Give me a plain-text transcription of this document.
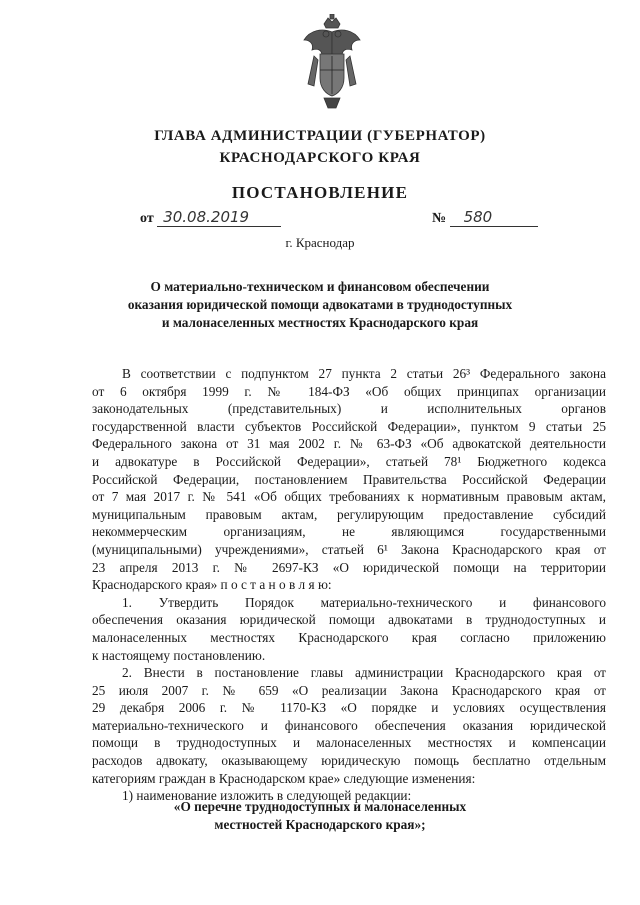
ГЛАВА АДМИНИСТРАЦИИ (ГУБЕРНАТОР)
КРАСНОДАРСКОГО КРАЯ
ПОСТАНОВЛЕНИЕ
от 30.08.2019	№ 580
г. Краснодар
О материально-техническом и финансовом обеспечении
оказания юридической помощи адвокатами в труднодоступных
и малонаселенных местностях Краснодарского края
В соответствии с подпунктом 27 пункта 2 статьи 26³ Федерального закона
от 6 октября 1999 г. № 184-ФЗ «Об общих принципах организации
законодательных (представительных) и исполнительных органов
государственной власти субъектов Российской Федерации», пунктом 9 статьи 25
Федерального закона от 31 мая 2002 г. № 63-ФЗ «Об адвокатской деятельности
и адвокатуре в Российской Федерации», статьей 78¹ Бюджетного кодекса
Российской Федерации, постановлением Правительства Российской Федерации
от 7 мая 2017 г. № 541 «Об общих требованиях к нормативным правовым актам,
муниципальным правовым актам, регулирующим предоставление субсидий
некоммерческим организациям, не являющимся государственными
(муниципальными) учреждениями», статьей 6¹ Закона Краснодарского края от
23 апреля 2013 г. № 2697-КЗ «О юридической помощи на территории
Краснодарского края» п о с т а н о в л я ю:
1. Утвердить Порядок материально-технического и финансового
обеспечения оказания юридической помощи адвокатами в труднодоступных и
малонаселенных местностях Краснодарского края согласно приложению
к настоящему постановлению.
2. Внести в постановление главы администрации Краснодарского края от
25 июля 2007 г. № 659 «О реализации Закона Краснодарского края от
29 декабря 2006 г. № 1170-КЗ «О порядке и условиях осуществления
материально-технического и финансового обеспечения оказания юридической
помощи в труднодоступных и малонаселенных местностях и компенсации
расходов адвокату, оказывающему юридическую помощь бесплатно отдельным
категориям граждан в Краснодарском крае» следующие изменения:
1) наименование изложить в следующей редакции:
«О перечне труднодоступных и малонаселенных
местностей Краснодарского края»;
